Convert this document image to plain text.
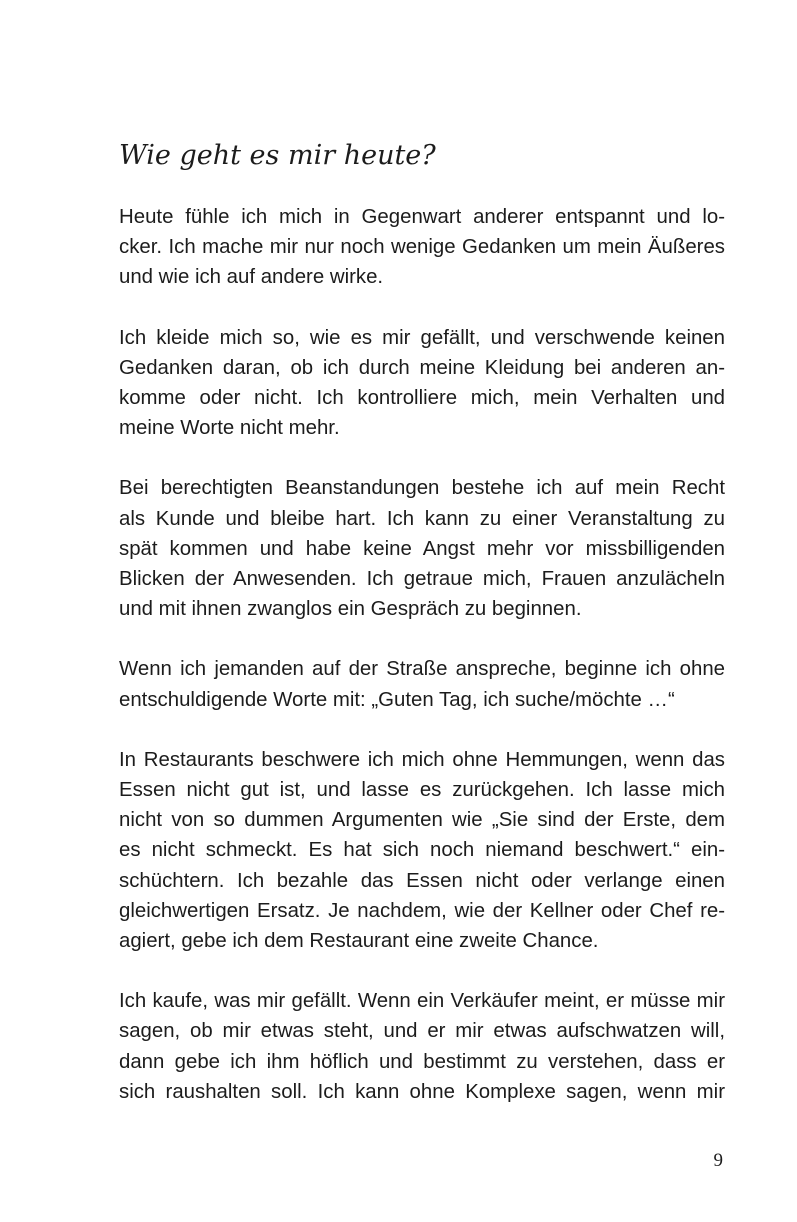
Wie geht es mir heute?

Heute fühle ich mich in Gegenwart anderer entspannt und lo-
cker. Ich mache mir nur noch wenige Gedanken um mein Äußeres
und wie ich auf andere wirke.

Ich kleide mich so, wie es mir gefällt, und verschwende keinen
Gedanken daran, ob ich durch meine Kleidung bei anderen an-
komme oder nicht. Ich kontrolliere mich, mein Verhalten und
meine Worte nicht mehr.

Bei berechtigten Beanstandungen bestehe ich auf mein Recht
als Kunde und bleibe hart. Ich kann zu einer Veranstaltung zu
spät kommen und habe keine Angst mehr vor missbilligenden
Blicken der Anwesenden. Ich getraue mich, Frauen anzulächeln
und mit ihnen zwanglos ein Gespräch zu beginnen.

Wenn ich jemanden auf der Straße anspreche, beginne ich ohne
entschuldigende Worte mit: „Guten Tag, ich suche/möchte …“

In Restaurants beschwere ich mich ohne Hemmungen, wenn das
Essen nicht gut ist, und lasse es zurückgehen. Ich lasse mich
nicht von so dummen Argumenten wie „Sie sind der Erste, dem
es nicht schmeckt. Es hat sich noch niemand beschwert.“ ein-
schüchtern. Ich bezahle das Essen nicht oder verlange einen
gleichwertigen Ersatz. Je nachdem, wie der Kellner oder Chef re-
agiert, gebe ich dem Restaurant eine zweite Chance.

Ich kaufe, was mir gefällt. Wenn ein Verkäufer meint, er müsse mir
sagen, ob mir etwas steht, und er mir etwas aufschwatzen will,
dann gebe ich ihm höflich und bestimmt zu verstehen, dass er
sich raushalten soll. Ich kann ohne Komplexe sagen, wenn mir

9
